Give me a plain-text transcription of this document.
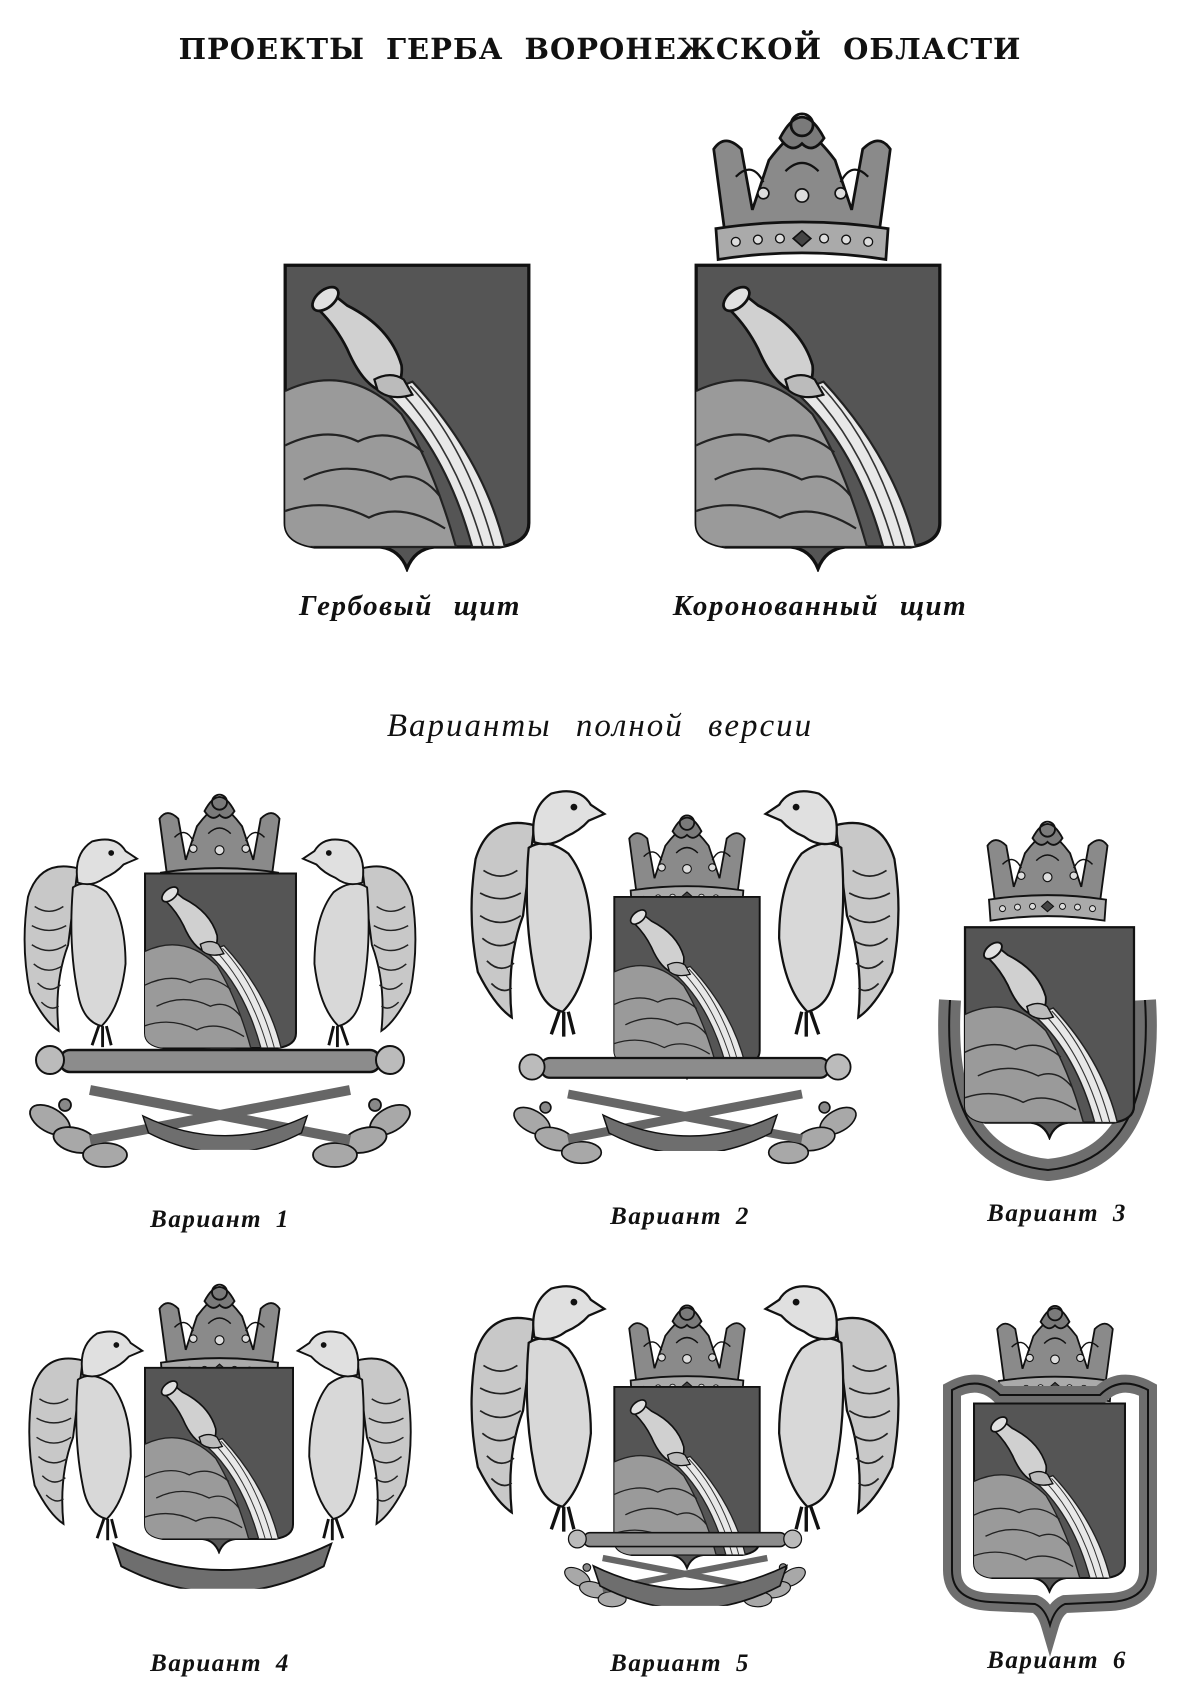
ПРОЕКТЫ ГЕРБА ВОРОНЕЖСКОЙ ОБЛАСТИ
Гербовый щит	Коронованный щит
Варианты полной версии
Вариант 1	Вариант 2	Вариант 3
Вариант 4	Вариант 5	Вариант 6
